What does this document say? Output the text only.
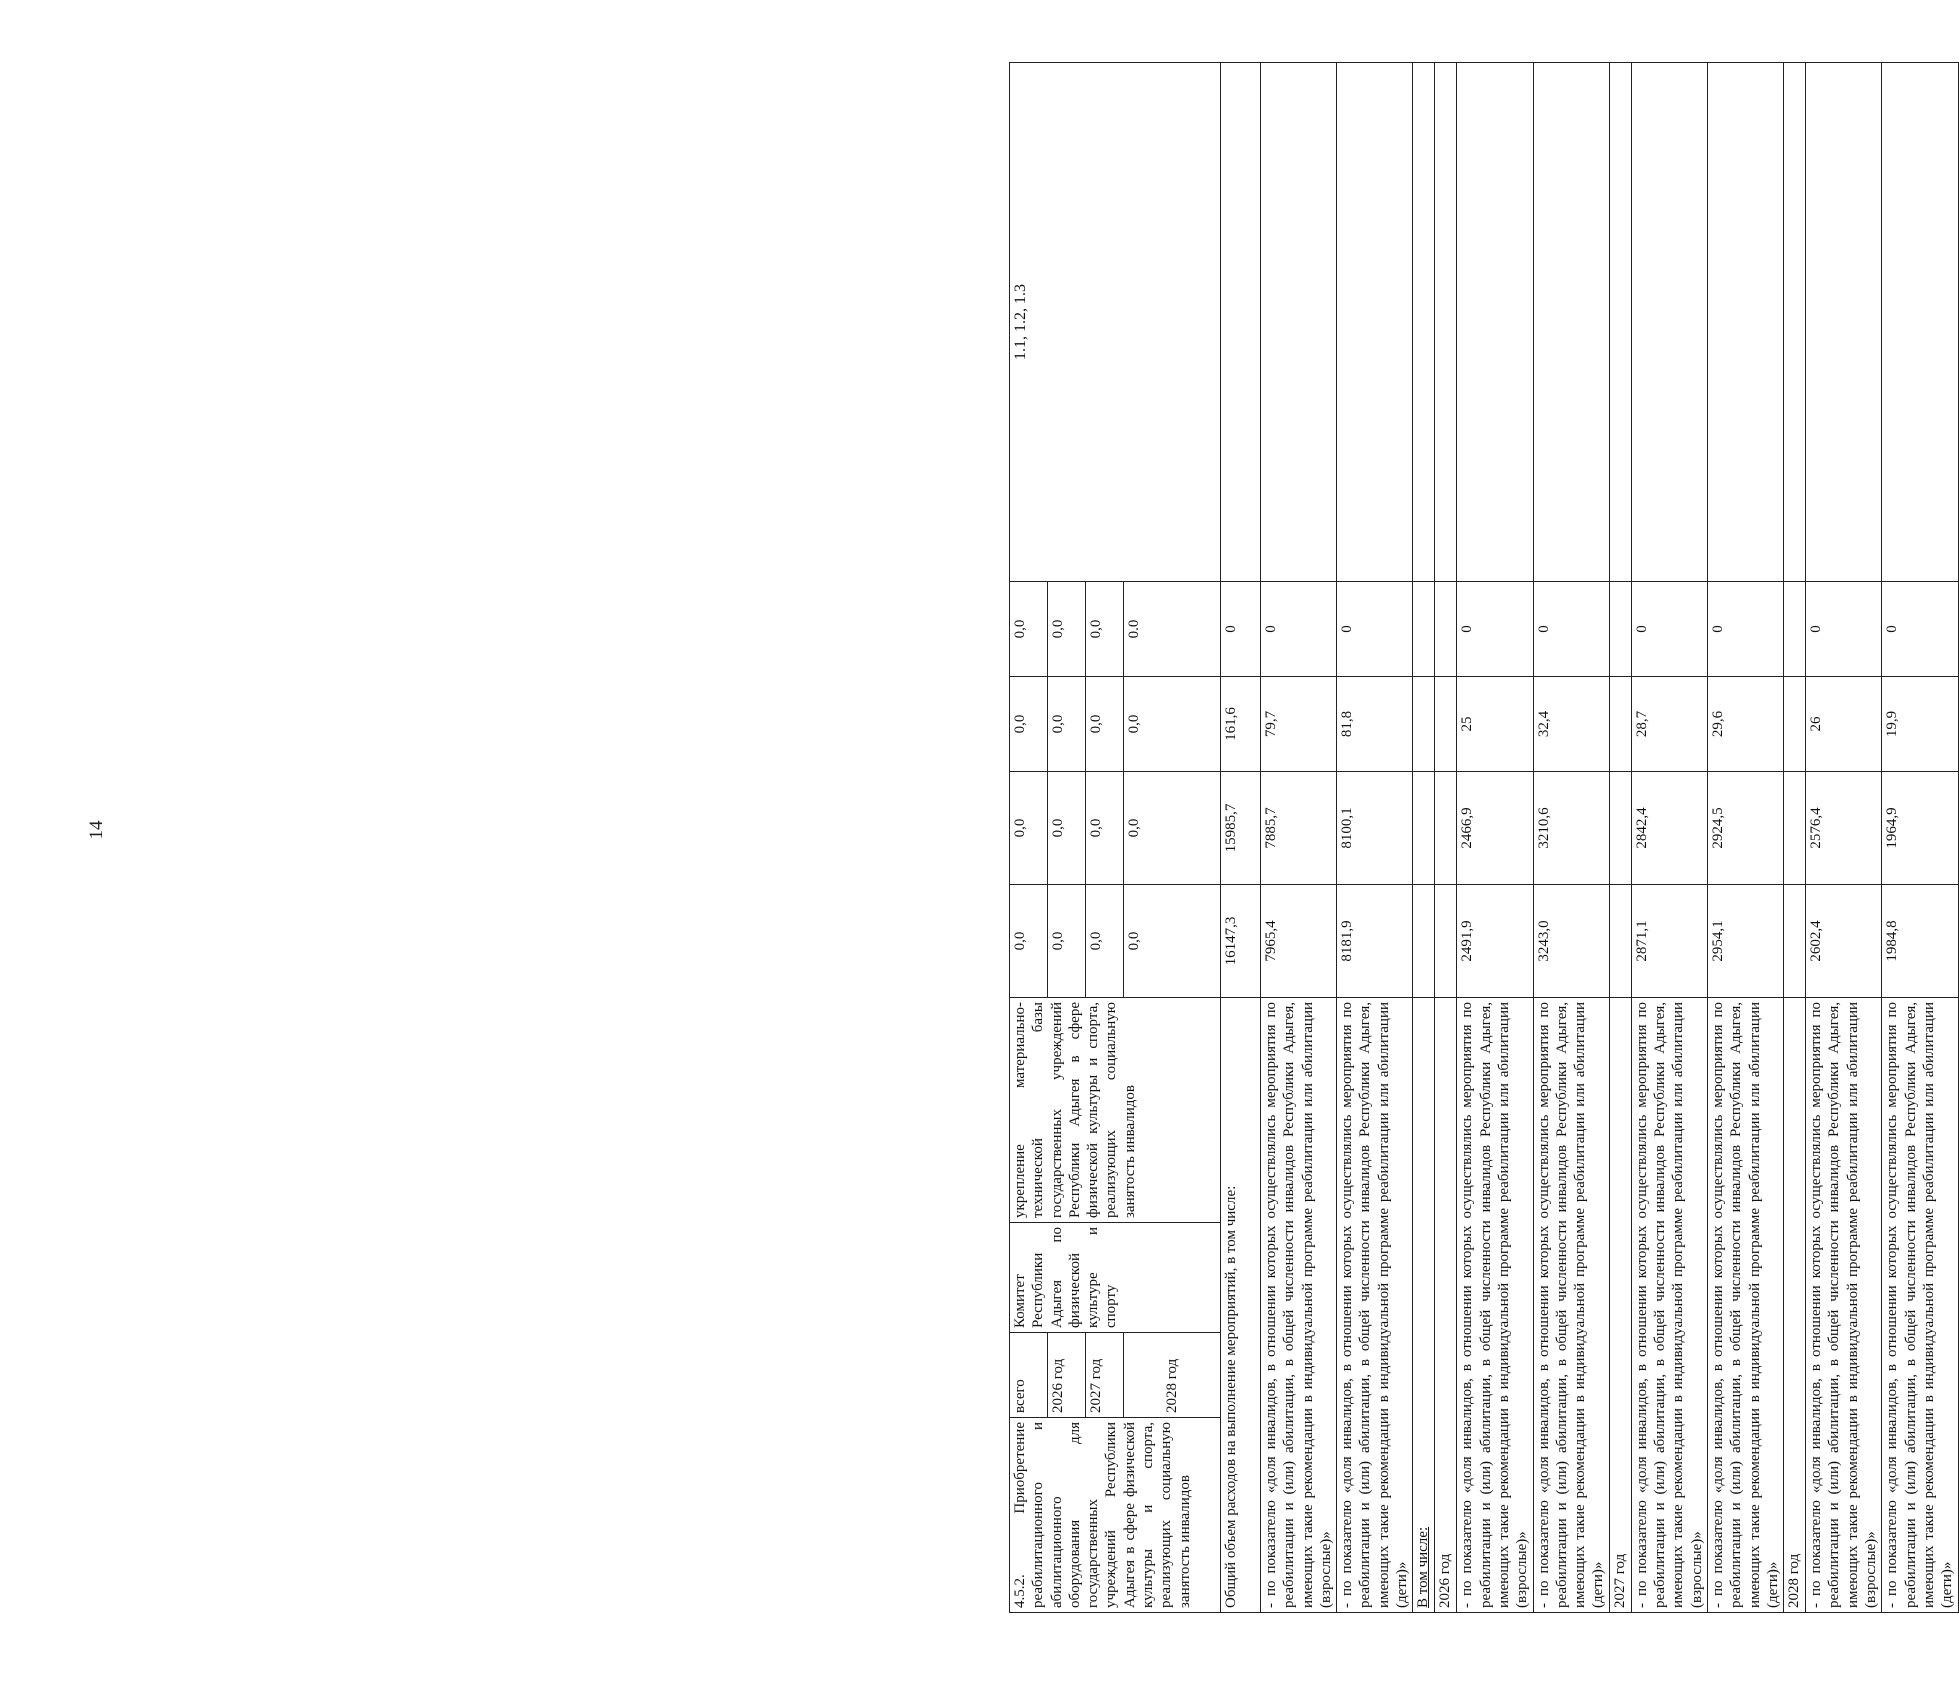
14
4.5.2. Приобретение реабилитационного и абилитационного оборудования для государственных учреждений Республики Адыгея в сфере физической культуры и спорта, реализующих социальную занятость инвалидов	всего	Комитет Республики Адыгея по физической культуре и спорту	укрепление материально-технической базы государственных учреждений Республики Адыгея в сфере физической культуры и спорта, реализующих социальную занятость инвалидов	0,0	0,0	0,0	0,0	1.1, 1.2, 1.3
	2026 год			0,0	0,0	0,0	0,0	
	2027 год			0,0	0,0	0,0	0,0	
	2028 год			0,0	0,0	0,0	0.0	
Общий объем расходов на выполнение мероприятий, в том числе:				16147,3	15985,7	161,6	0	
- по показателю «доля инвалидов, в отношении которых осуществлялись мероприятия по реабилитации и (или) абилитации, в общей численности инвалидов Республики Адыгея, имеющих такие рекомендации в индивидуальной программе реабилитации или абилитации (взрослые)»				7965,4	7885,7	79,7	0	
- по показателю «доля инвалидов, в отношении которых осуществлялись мероприятия по реабилитации и (или) абилитации, в общей численности инвалидов Республики Адыгея, имеющих такие рекомендации в индивидуальной программе реабилитации или абилитации (дети)»				8181,9	8100,1	81,8	0	
В том числе:								
2026 год								
- по показателю «доля инвалидов, в отношении которых осуществлялись мероприятия по реабилитации и (или) абилитации, в общей численности инвалидов Республики Адыгея, имеющих такие рекомендации в индивидуальной программе реабилитации или абилитации (взрослые)»				2491,9	2466,9	25	0	
- по показателю «доля инвалидов, в отношении которых осуществлялись мероприятия по реабилитации и (или) абилитации, в общей численности инвалидов Республики Адыгея, имеющих такие рекомендации в индивидуальной программе реабилитации или абилитации (дети)»				3243,0	3210,6	32,4	0	
2027 год								
- по показателю «доля инвалидов, в отношении которых осуществлялись мероприятия по реабилитации и (или) абилитации, в общей численности инвалидов Республики Адыгея, имеющих такие рекомендации в индивидуальной программе реабилитации или абилитации (взрослые)»				2871,1	2842,4	28,7	0	
- по показателю «доля инвалидов, в отношении которых осуществлялись мероприятия по реабилитации и (или) абилитации, в общей численности инвалидов Республики Адыгея, имеющих такие рекомендации в индивидуальной программе реабилитации или абилитации (дети)»				2954,1	2924,5	29,6	0	
2028 год								
- по показателю «доля инвалидов, в отношении которых осуществлялись мероприятия по реабилитации и (или) абилитации, в общей численности инвалидов Республики Адыгея, имеющих такие рекомендации в индивидуальной программе реабилитации или абилитации (взрослые)»				2602,4	2576,4	26	0	
- по показателю «доля инвалидов, в отношении которых осуществлялись мероприятия по реабилитации и (или) абилитации, в общей численности инвалидов Республики Адыгея, имеющих такие рекомендации в индивидуальной программе реабилитации или абилитации (дети)»				1984,8	1964,9	19,9	0	
